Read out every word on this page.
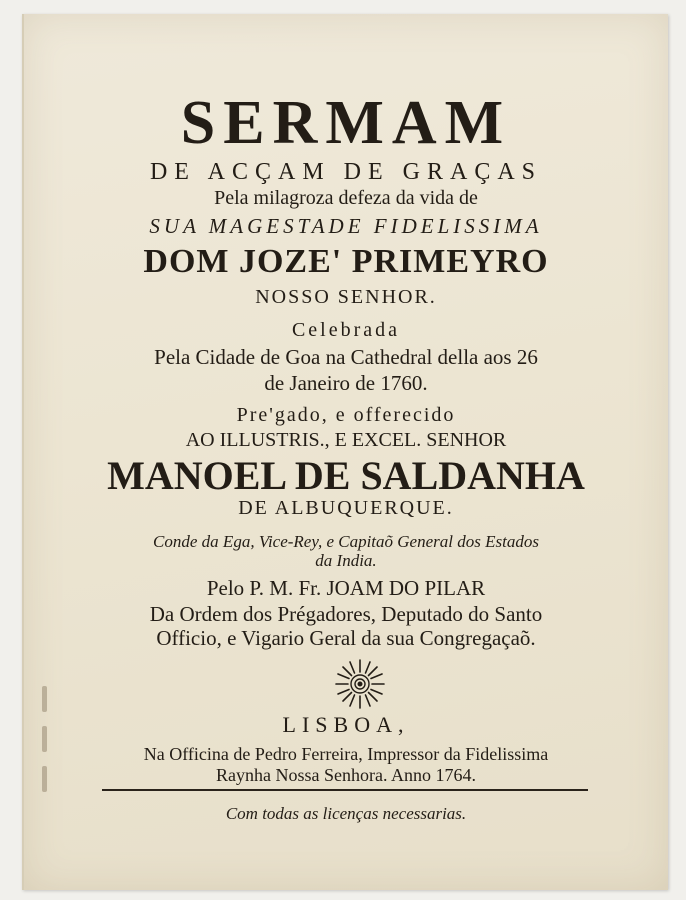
SERMAM
DE ACÇAM DE GRAÇAS
Pela milagroza defeza da vida de
SUA MAGESTADE FIDELISSIMA
DOM JOZE' PRIMEYRO
NOSSO SENHOR.
Celebrada
Pela Cidade de Goa na Cathedral della aos 26
de Janeiro de 1760.
Pre'gado, e offerecido
AO ILLUSTRIS., E EXCEL. SENHOR
MANOEL DE SALDANHA
DE ALBUQUERQUE.
Conde da Ega, Vice-Rey, e Capitaõ General dos Estados
da India.
Pelo P. M. Fr. JOAM DO PILAR
Da Ordem dos Prégadores, Deputado do Santo
Officio, e Vigario Geral da sua Congregaçaõ.
LISBOA,
Na Officina de Pedro Ferreira, Impressor da Fidelissima
Raynha Nossa Senhora. Anno 1764.
Com todas as licenças necessarias.
